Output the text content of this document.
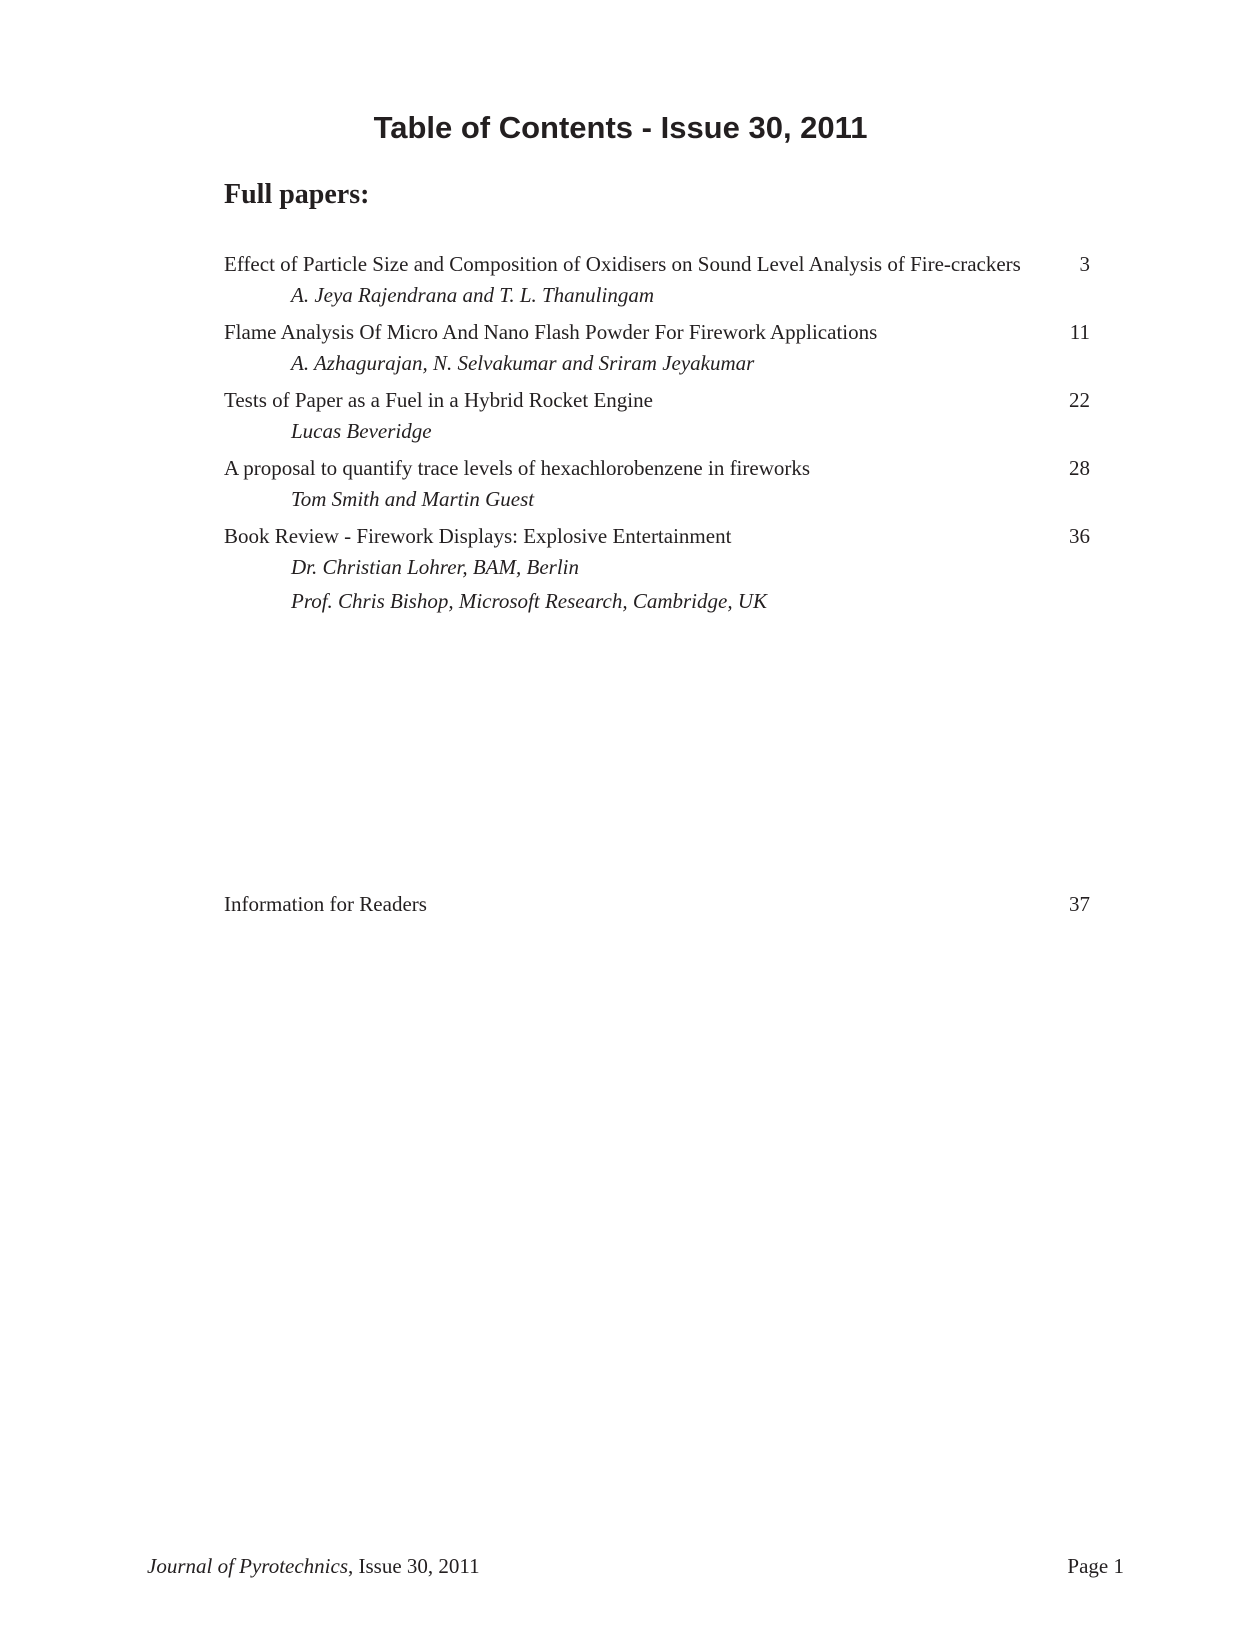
Table of Contents - Issue 30, 2011
Full papers:
Effect of Particle Size and Composition of Oxidisers on Sound Level Analysis of Fire-crackers	3
A. Jeya Rajendrana and T. L. Thanulingam
Flame Analysis Of Micro And Nano Flash Powder For Firework Applications	11
A. Azhagurajan, N. Selvakumar and Sriram Jeyakumar
Tests of Paper as a Fuel in a Hybrid Rocket Engine	22
Lucas Beveridge
A proposal to quantify trace levels of hexachlorobenzene in fireworks	28
Tom Smith and Martin Guest
Book Review - Firework Displays: Explosive Entertainment	36
Dr. Christian Lohrer, BAM, Berlin
Prof. Chris Bishop, Microsoft Research, Cambridge, UK
Information for Readers	37
Journal of Pyrotechnics, Issue 30, 2011	Page 1
